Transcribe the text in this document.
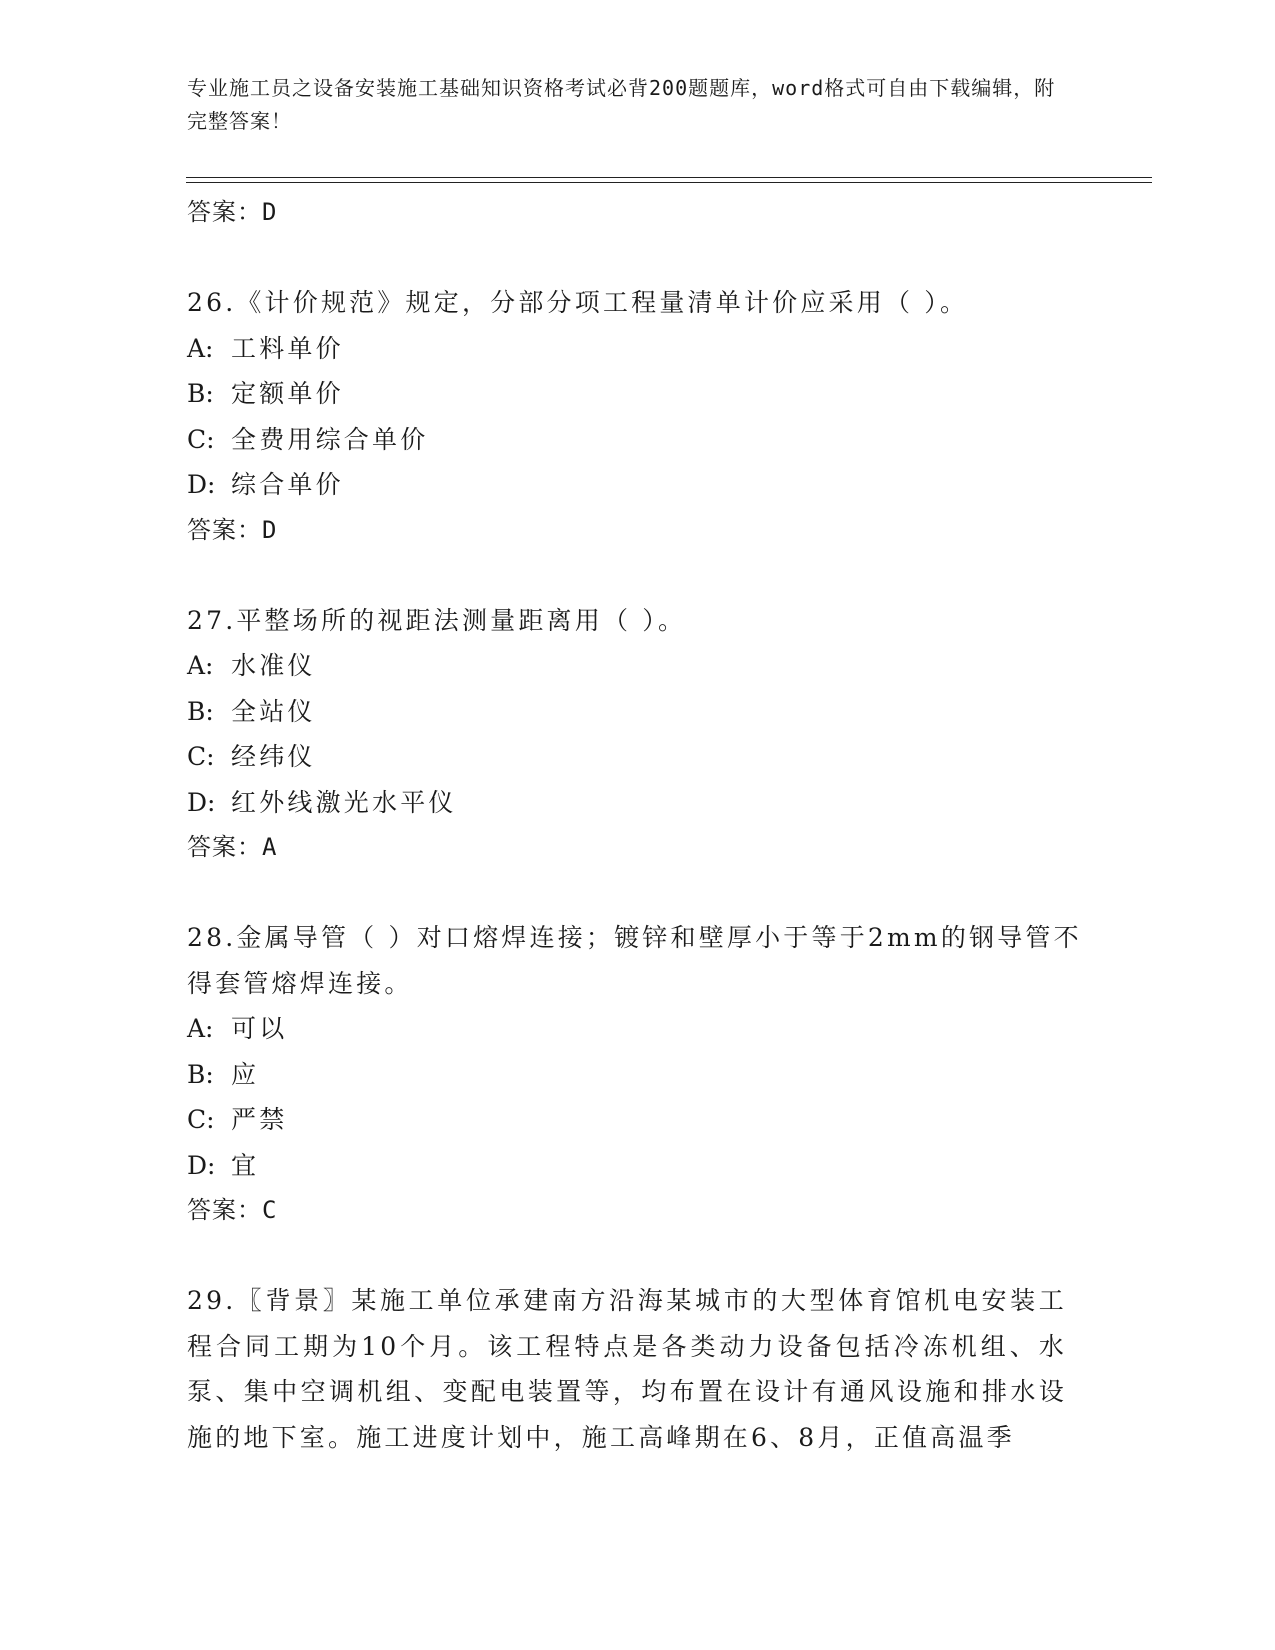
专业施工员之设备安装施工基础知识资格考试必背200题题库，word格式可自由下载编辑，附完整答案！
答案：D

26.《计价规范》规定，分部分项工程量清单计价应采用（ ）。

A: 工料单价

B: 定额单价

C: 全费用综合单价

D: 综合单价

答案：D

27.平整场所的视距法测量距离用（ ）。

A: 水准仪

B: 全站仪

C: 经纬仪

D: 红外线激光水平仪

答案：A

28.金属导管（ ）对口熔焊连接；镀锌和壁厚小于等于2mm的钢导管不得套管熔焊连接。

A: 可以

B: 应

C: 严禁

D: 宜

答案：C

29.〖背景〗某施工单位承建南方沿海某城市的大型体育馆机电安装工程合同工期为10个月。该工程特点是各类动力设备包括冷冻机组、水泵、集中空调机组、变配电装置等，均布置在设计有通风设施和排水设施的地下室。施工进度计划中，施工高峰期在6、8月，正值高温季
